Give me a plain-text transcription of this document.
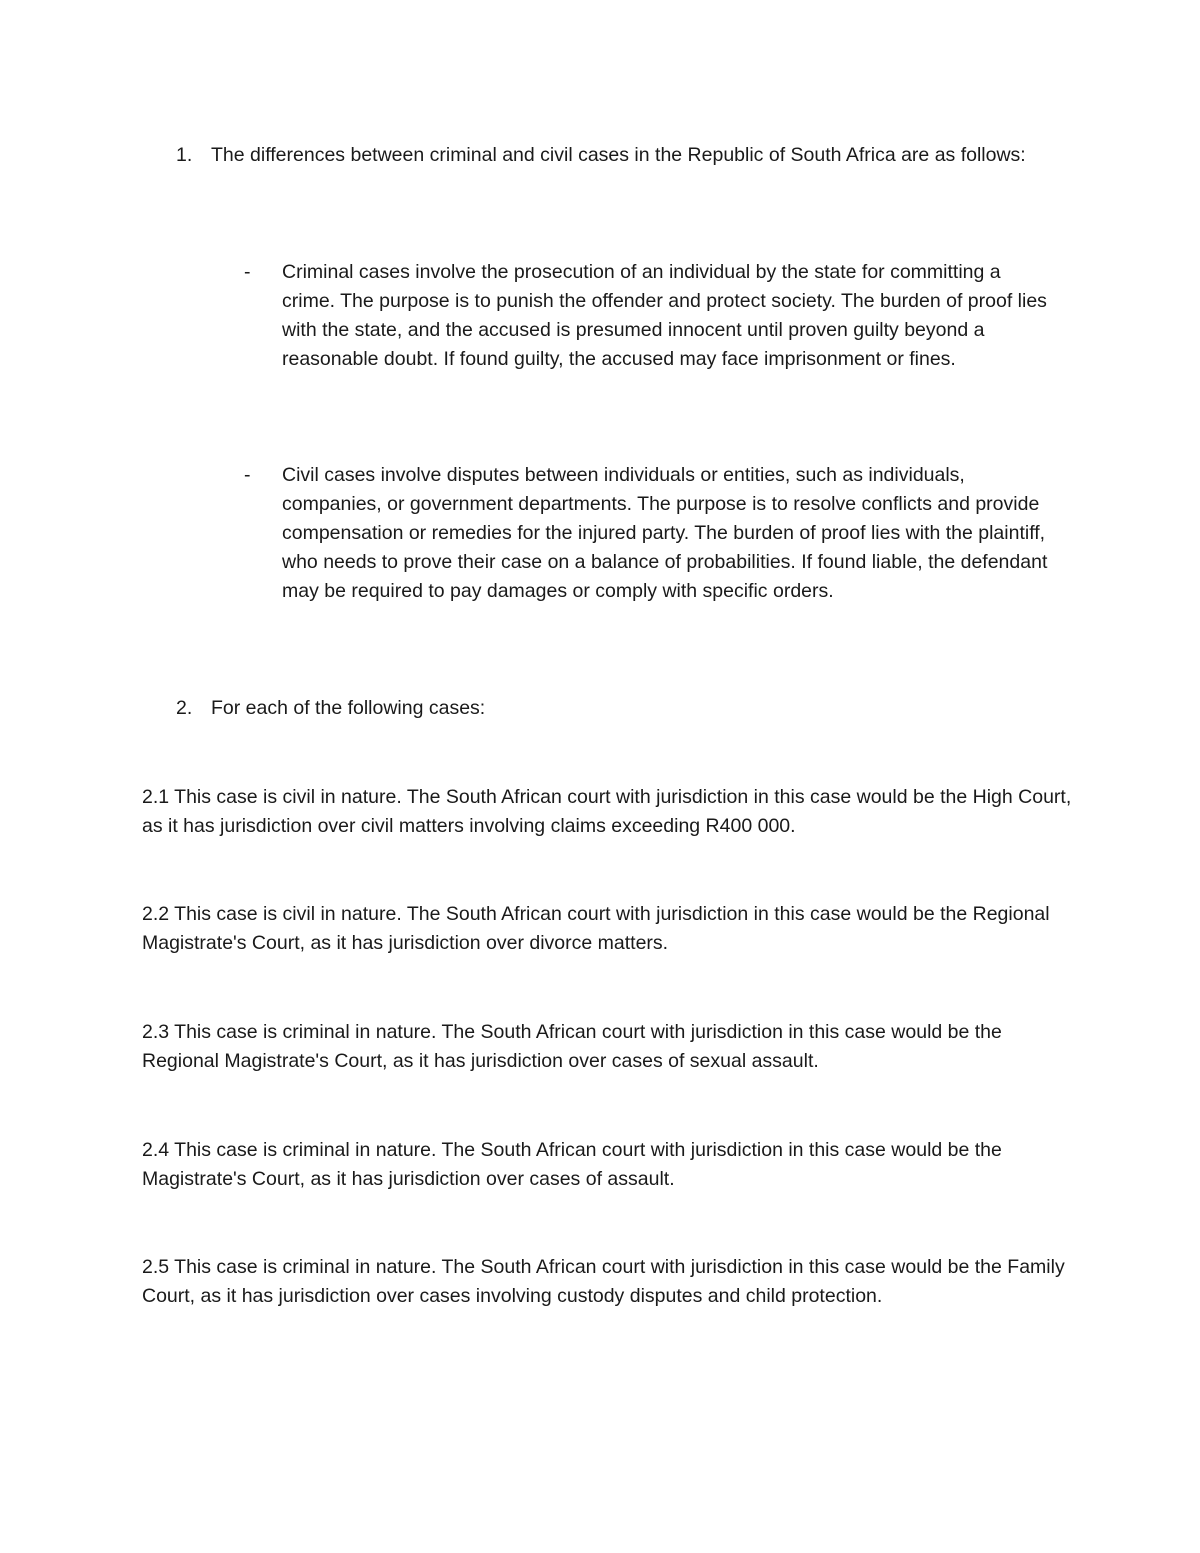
1. The differences between criminal and civil cases in the Republic of South Africa are as follows:
-	Criminal cases involve the prosecution of an individual by the state for committing a crime. The purpose is to punish the offender and protect society. The burden of proof lies with the state, and the accused is presumed innocent until proven guilty beyond a reasonable doubt. If found guilty, the accused may face imprisonment or fines.
-	Civil cases involve disputes between individuals or entities, such as individuals, companies, or government departments. The purpose is to resolve conflicts and provide compensation or remedies for the injured party. The burden of proof lies with the plaintiff, who needs to prove their case on a balance of probabilities. If found liable, the defendant may be required to pay damages or comply with specific orders.
2. For each of the following cases:

2.1 This case is civil in nature. The South African court with jurisdiction in this case would be the High Court, as it has jurisdiction over civil matters involving claims exceeding R400 000.

2.2 This case is civil in nature. The South African court with jurisdiction in this case would be the Regional Magistrate's Court, as it has jurisdiction over divorce matters.

2.3 This case is criminal in nature. The South African court with jurisdiction in this case would be the Regional Magistrate's Court, as it has jurisdiction over cases of sexual assault.

2.4 This case is criminal in nature. The South African court with jurisdiction in this case would be the Magistrate's Court, as it has jurisdiction over cases of assault.

2.5 This case is criminal in nature. The South African court with jurisdiction in this case would be the Family Court, as it has jurisdiction over cases involving custody disputes and child protection.
